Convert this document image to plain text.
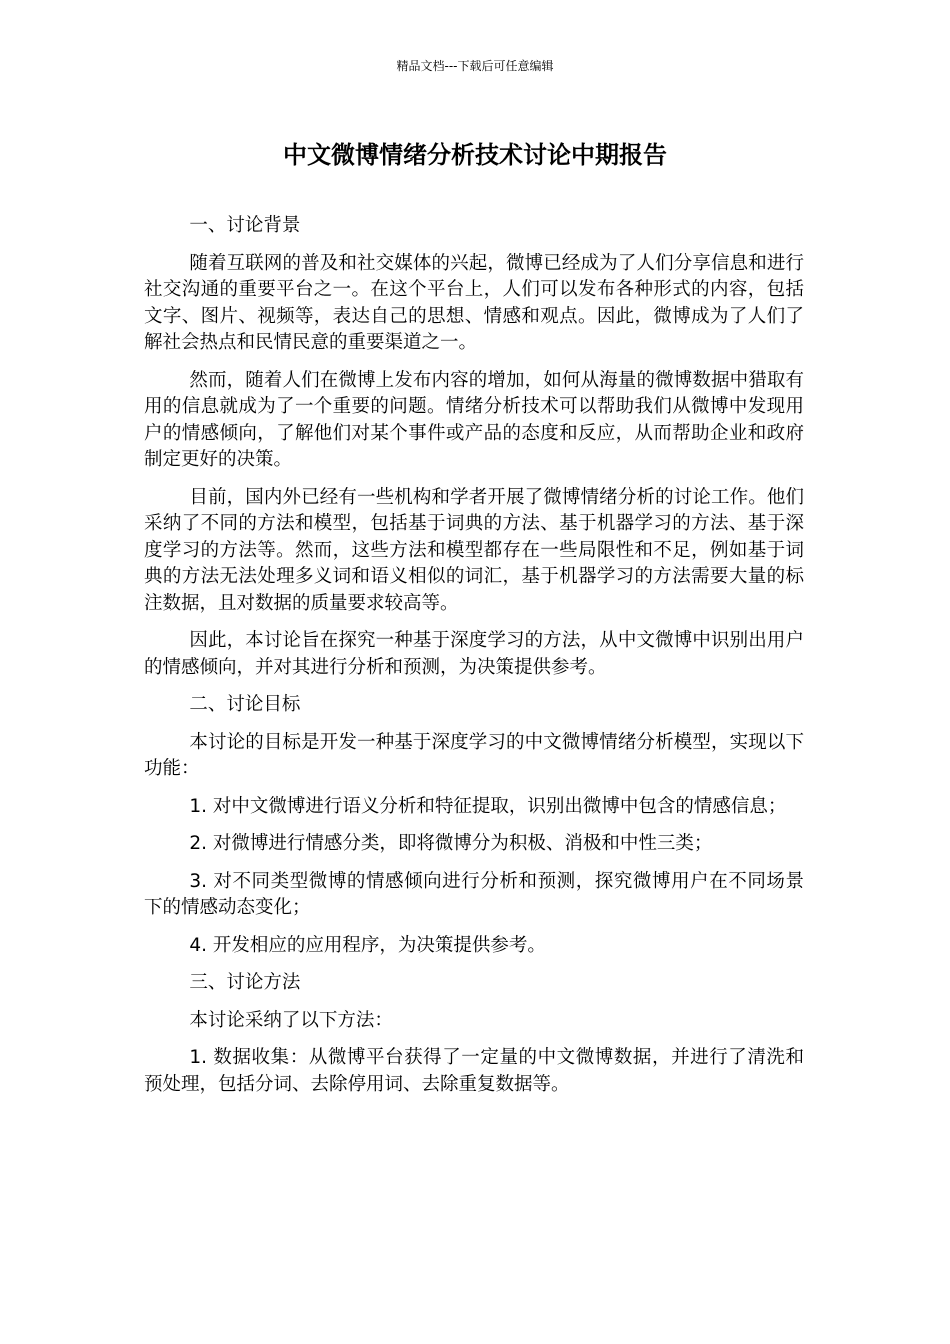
精品文档---下载后可任意编辑
中文微博情绪分析技术讨论中期报告

一、讨论背景

随着互联网的普及和社交媒体的兴起，微博已经成为了人们分享信息和进行社交沟通的重要平台之一。在这个平台上，人们可以发布各种形式的内容，包括文字、图片、视频等，表达自己的思想、情感和观点。因此，微博成为了人们了解社会热点和民情民意的重要渠道之一。

然而，随着人们在微博上发布内容的增加，如何从海量的微博数据中猎取有用的信息就成为了一个重要的问题。情绪分析技术可以帮助我们从微博中发现用户的情感倾向，了解他们对某个事件或产品的态度和反应，从而帮助企业和政府制定更好的决策。

目前，国内外已经有一些机构和学者开展了微博情绪分析的讨论工作。他们采纳了不同的方法和模型，包括基于词典的方法、基于机器学习的方法、基于深度学习的方法等。然而，这些方法和模型都存在一些局限性和不足，例如基于词典的方法无法处理多义词和语义相似的词汇，基于机器学习的方法需要大量的标注数据，且对数据的质量要求较高等。

因此，本讨论旨在探究一种基于深度学习的方法，从中文微博中识别出用户的情感倾向，并对其进行分析和预测，为决策提供参考。

二、讨论目标

本讨论的目标是开发一种基于深度学习的中文微博情绪分析模型，实现以下功能：

1. 对中文微博进行语义分析和特征提取，识别出微博中包含的情感信息；

2. 对微博进行情感分类，即将微博分为积极、消极和中性三类；

3. 对不同类型微博的情感倾向进行分析和预测，探究微博用户在不同场景下的情感动态变化；

4. 开发相应的应用程序，为决策提供参考。

三、讨论方法

本讨论采纳了以下方法：

1. 数据收集：从微博平台获得了一定量的中文微博数据，并进行了清洗和预处理，包括分词、去除停用词、去除重复数据等。
